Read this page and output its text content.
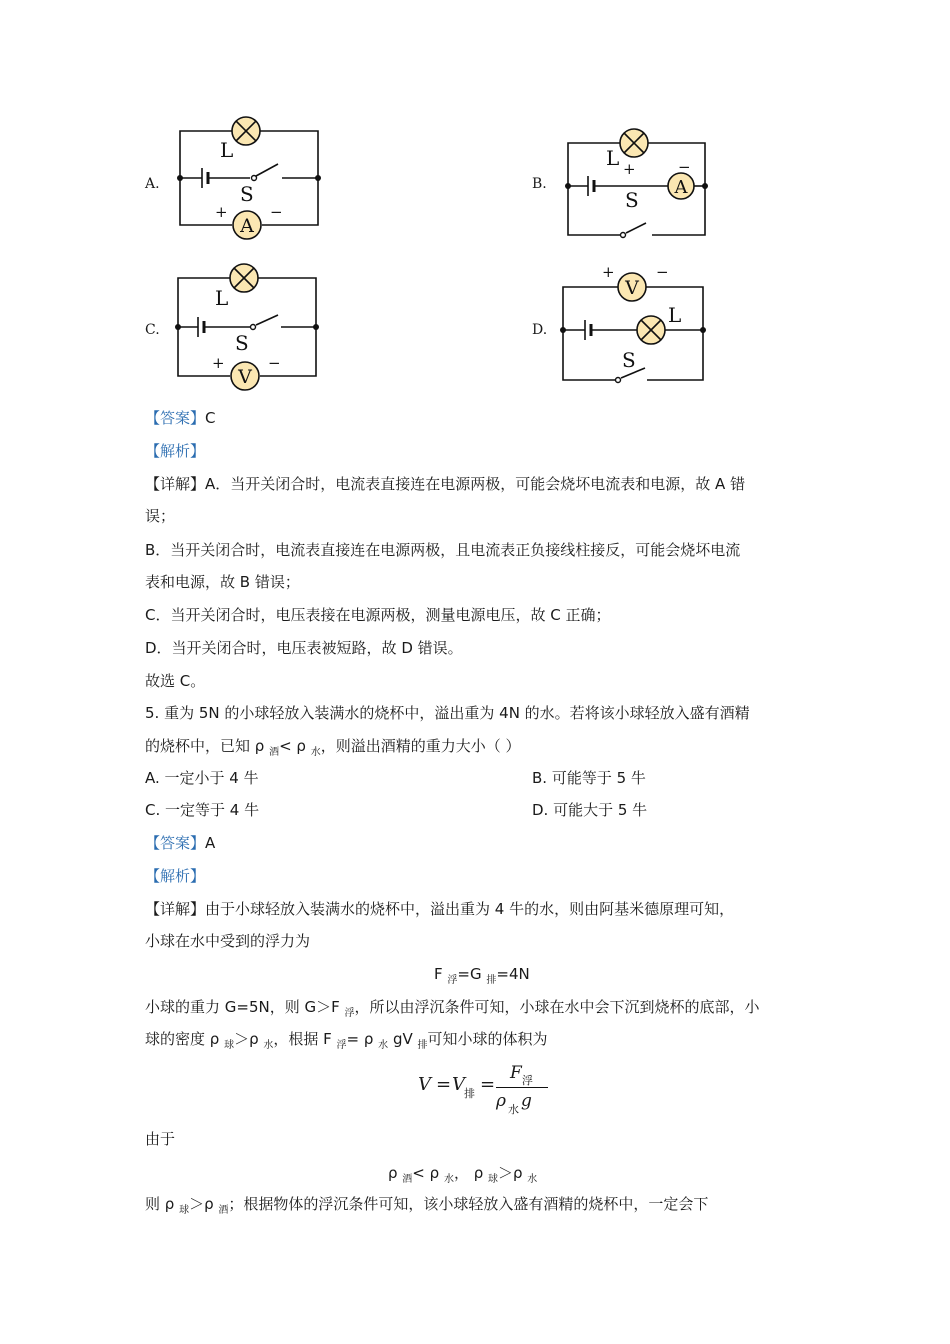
A.	B.
C.	D.
A
L
S
+	−
A
L
S
+	−
V
L
S
+	−
V
+	−
L
S
【答案】C
【解析】
【详解】A．当开关闭合时，电流表直接连在电源两极，可能会烧坏电流表和电源，故 A 错
误；
B．当开关闭合时，电流表直接连在电源两极，且电流表正负接线柱接反，可能会烧坏电流
表和电源，故 B 错误；
C．当开关闭合时，电压表接在电源两极，测量电源电压，故 C 正确；
D．当开关闭合时，电压表被短路，故 D 错误。
故选 C。
5. 重为 5N 的小球轻放入装满水的烧杯中，溢出重为 4N 的水。若将该小球轻放入盛有酒精
的烧杯中，已知 ρ $_酒$< ρ $_水$，则溢出酒精的重力大小（ ）
A. 一定小于 4 牛	B. 可能等于 5 牛
C. 一定等于 4 牛	D. 可能大于 5 牛
【答案】A
【解析】
【详解】由于小球轻放入装满水的烧杯中，溢出重为 4 牛的水，则由阿基米德原理可知，
小球在水中受到的浮力为
F $_浮$=G $_排$=4N
小球的重力 G=5N，则 G＞F $_浮$，所以由浮沉条件可知，小球在水中会下沉到烧杯的底部，小
球的密度 ρ $_球$＞ρ $_水$，根据 F $_浮$= ρ $_水$ gV $_排$可知小球的体积为
V = V 排 =
F 浮
ρ 水 g
由于
ρ $_酒$< ρ $_水$， ρ $_球$＞ρ $_水$
则 ρ $_球$＞ρ $_酒$；根据物体的浮沉条件可知，该小球轻放入盛有酒精的烧杯中，一定会下
